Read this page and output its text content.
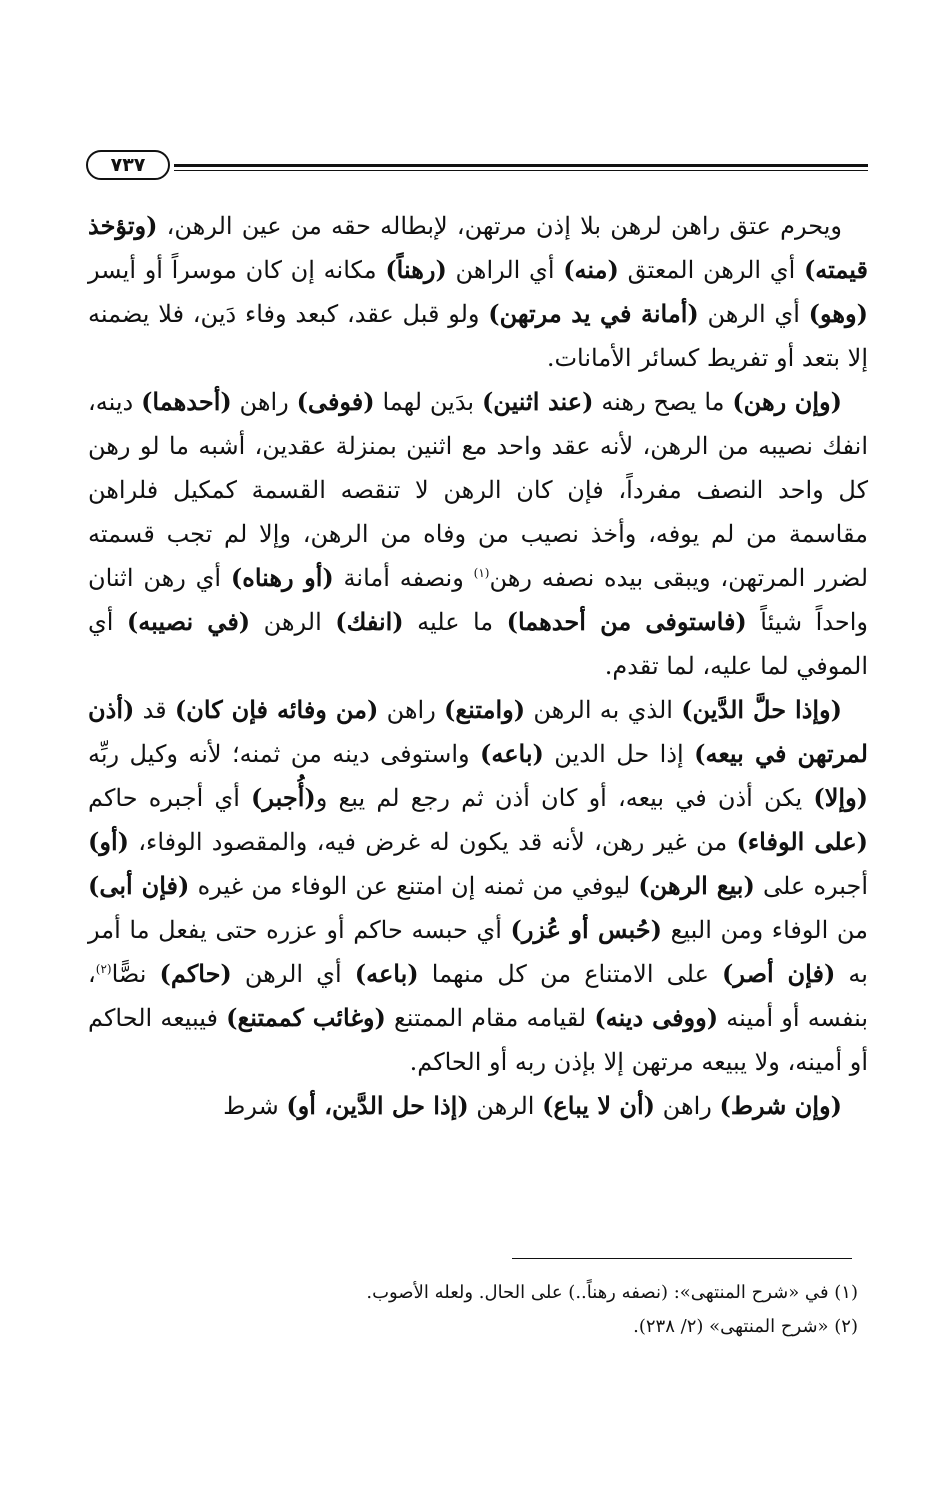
٧٣٧

ويحرم عتق راهن لرهن بلا إذن مرتهن، لإبطاله حقه من عين الرهن، (وتؤخذ قيمته) أي الرهن المعتق (منه) أي الراهن (رهناً) مكانه إن كان موسراً أو أيسر (وهو) أي الرهن (أمانة في يد مرتهن) ولو قبل عقد، كبعد وفاء دَين، فلا يضمنه إلا بتعد أو تفريط كسائر الأمانات.

(وإن رهن) ما يصح رهنه (عند اثنين) بدَين لهما (فوفى) راهن (أحدهما) دينه، انفك نصيبه من الرهن، لأنه عقد واحد مع اثنين بمنزلة عقدين، أشبه ما لو رهن كل واحد النصف مفرداً، فإن كان الرهن لا تنقصه القسمة كمكيل فلراهن مقاسمة من لم يوفه، وأخذ نصيب من وفاه من الرهن، وإلا لم تجب قسمته لضرر المرتهن، ويبقى بيده نصفه رهن$^{(١)}$ ونصفه أمانة (أو رهناه) أي رهن اثنان واحداً شيئاً (فاستوفى من أحدهما) ما عليه (انفك) الرهن (في نصيبه) أي الموفي لما عليه، لما تقدم.

(وإذا حلَّ الدَّين) الذي به الرهن (وامتنع) راهن (من وفائه فإن كان) قد (أذن لمرتهن في بيعه) إذا حل الدين (باعه) واستوفى دينه من ثمنه؛ لأنه وكيل ربِّه (وإلا) يكن أذن في بيعه، أو كان أذن ثم رجع لم يبع و(أُجبر) أي أجبره حاكم (على الوفاء) من غير رهن، لأنه قد يكون له غرض فيه، والمقصود الوفاء، (أو) أجبره على (بيع الرهن) ليوفي من ثمنه إن امتنع عن الوفاء من غيره (فإن أبى) من الوفاء ومن البيع (حُبس أو عُزر) أي حبسه حاكم أو عزره حتى يفعل ما أمر به (فإن أصر) على الامتناع من كل منهما (باعه) أي الرهن (حاكم) نصًّا$^{(٢)}$، بنفسه أو أمينه (ووفى دينه) لقيامه مقام الممتنع (وغائب كممتنع) فيبيعه الحاكم أو أمينه، ولا يبيعه مرتهن إلا بإذن ربه أو الحاكم.

(وإن شرط) راهن (أن لا يباع) الرهن (إذا حل الدَّين، أو) شرط

(١) في «شرح المنتهى»: (نصفه رهناً..) على الحال. ولعله الأصوب.

(٢) «شرح المنتهى» (٢/ ٢٣٨).
